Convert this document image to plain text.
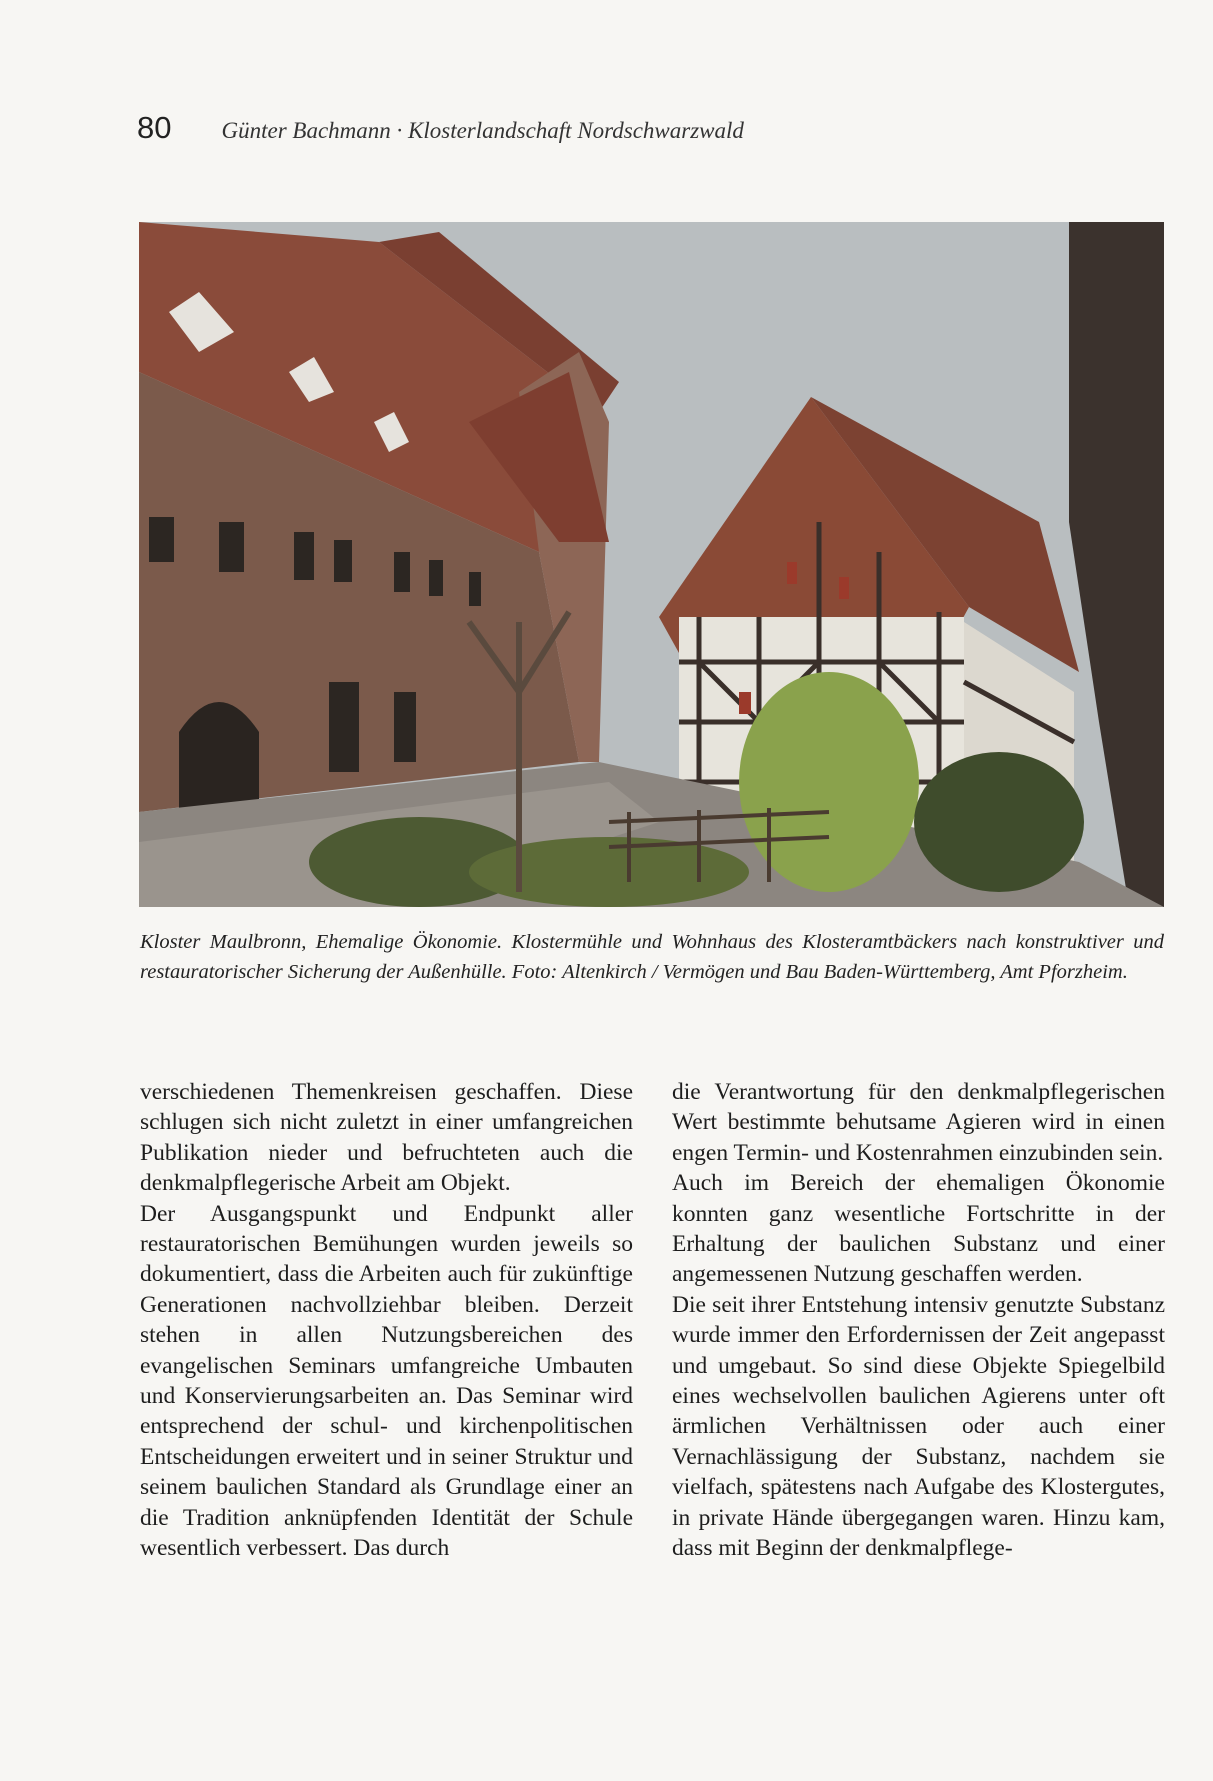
80 Günter Bachmann · Klosterlandschaft Nordschwarzwald
Kloster Maulbronn, Ehemalige Ökonomie. Klostermühle und Wohnhaus des Klosteramtbäckers nach konstruktiver und restauratorischer Sicherung der Außenhülle. Foto: Altenkirch / Vermögen und Bau Baden-Württemberg, Amt Pforzheim.

verschiedenen Themenkreisen geschaffen. Diese schlugen sich nicht zuletzt in einer umfangreichen Publikation nieder und befruchteten auch die denkmalpflegerische Arbeit am Objekt.

Der Ausgangspunkt und Endpunkt aller restauratorischen Bemühungen wurden jeweils so dokumentiert, dass die Arbeiten auch für zukünftige Generationen nachvollziehbar bleiben. Derzeit stehen in allen Nutzungsbereichen des evangelischen Seminars umfangreiche Umbauten und Konservierungsarbeiten an. Das Seminar wird entsprechend der schul- und kirchenpolitischen Entscheidungen erweitert und in seiner Struktur und seinem baulichen Standard als Grundlage einer an die Tradition anknüpfenden Identität der Schule wesentlich verbessert. Das durch

die Verantwortung für den denkmalpflegerischen Wert bestimmte behutsame Agieren wird in einen engen Termin- und Kostenrahmen einzubinden sein.

Auch im Bereich der ehemaligen Ökonomie konnten ganz wesentliche Fortschritte in der Erhaltung der baulichen Substanz und einer angemessenen Nutzung geschaffen werden.

Die seit ihrer Entstehung intensiv genutzte Substanz wurde immer den Erfordernissen der Zeit angepasst und umgebaut. So sind diese Objekte Spiegelbild eines wechselvollen baulichen Agierens unter oft ärmlichen Verhältnissen oder auch einer Vernachlässigung der Substanz, nachdem sie vielfach, spätestens nach Aufgabe des Klostergutes, in private Hände übergegangen waren. Hinzu kam, dass mit Beginn der denkmalpflege-
